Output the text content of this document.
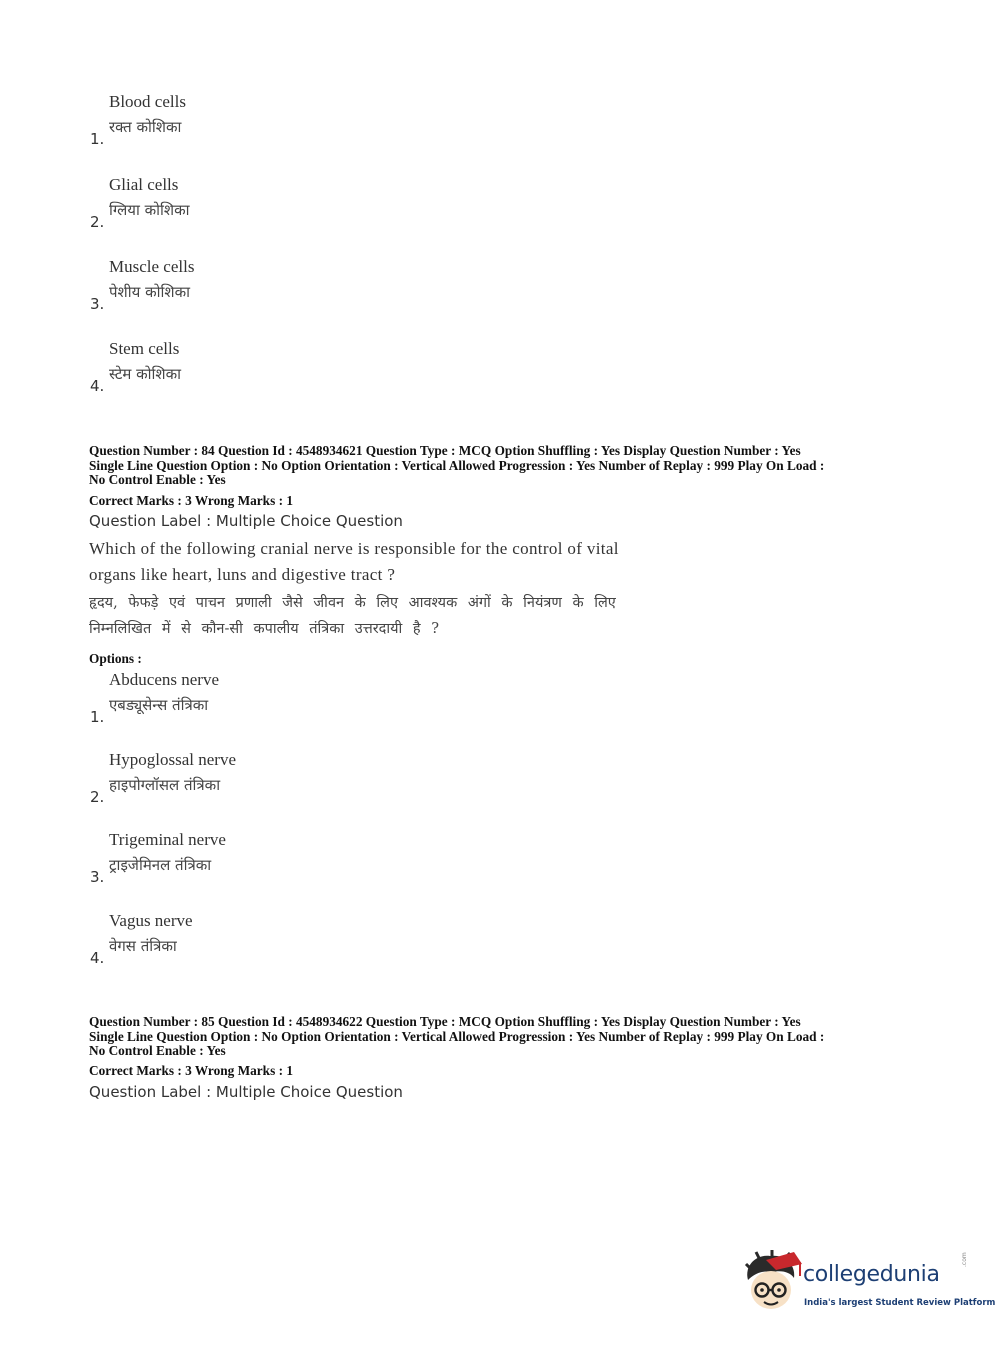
1.
Blood cells
रक्त कोशिका
2.
Glial cells
ग्लिया कोशिका
3.
Muscle cells
पेशीय कोशिका
4.
Stem cells
स्टेम कोशिका
Question Number : 84 Question Id : 4548934621 Question Type : MCQ Option Shuffling : Yes Display Question Number : Yes
Single Line Question Option : No Option Orientation : Vertical Allowed Progression : Yes Number of Replay : 999 Play On Load :
No Control Enable : Yes
Correct Marks : 3 Wrong Marks : 1
Question Label : Multiple Choice Question
Which of the following cranial nerve is responsible for the control of vital
organs like heart, luns and digestive tract ?
हृदय, फेफड़े एवं पाचन प्रणाली जैसे जीवन के लिए आवश्यक अंगों के नियंत्रण के लिए
निम्नलिखित में से कौन-सी कपालीय तंत्रिका उत्तरदायी है ?
Options :
1.
Abducens nerve
एबड्यूसेन्स तंत्रिका
2.
Hypoglossal nerve
हाइपोग्लॉसल तंत्रिका
3.
Trigeminal nerve
ट्राइजेमिनल तंत्रिका
4.
Vagus nerve
वेगस तंत्रिका
Question Number : 85 Question Id : 4548934622 Question Type : MCQ Option Shuffling : Yes Display Question Number : Yes
Single Line Question Option : No Option Orientation : Vertical Allowed Progression : Yes Number of Replay : 999 Play On Load :
No Control Enable : Yes
Correct Marks : 3 Wrong Marks : 1
Question Label : Multiple Choice Question
collegedunia
.com
India's largest Student Review Platform
